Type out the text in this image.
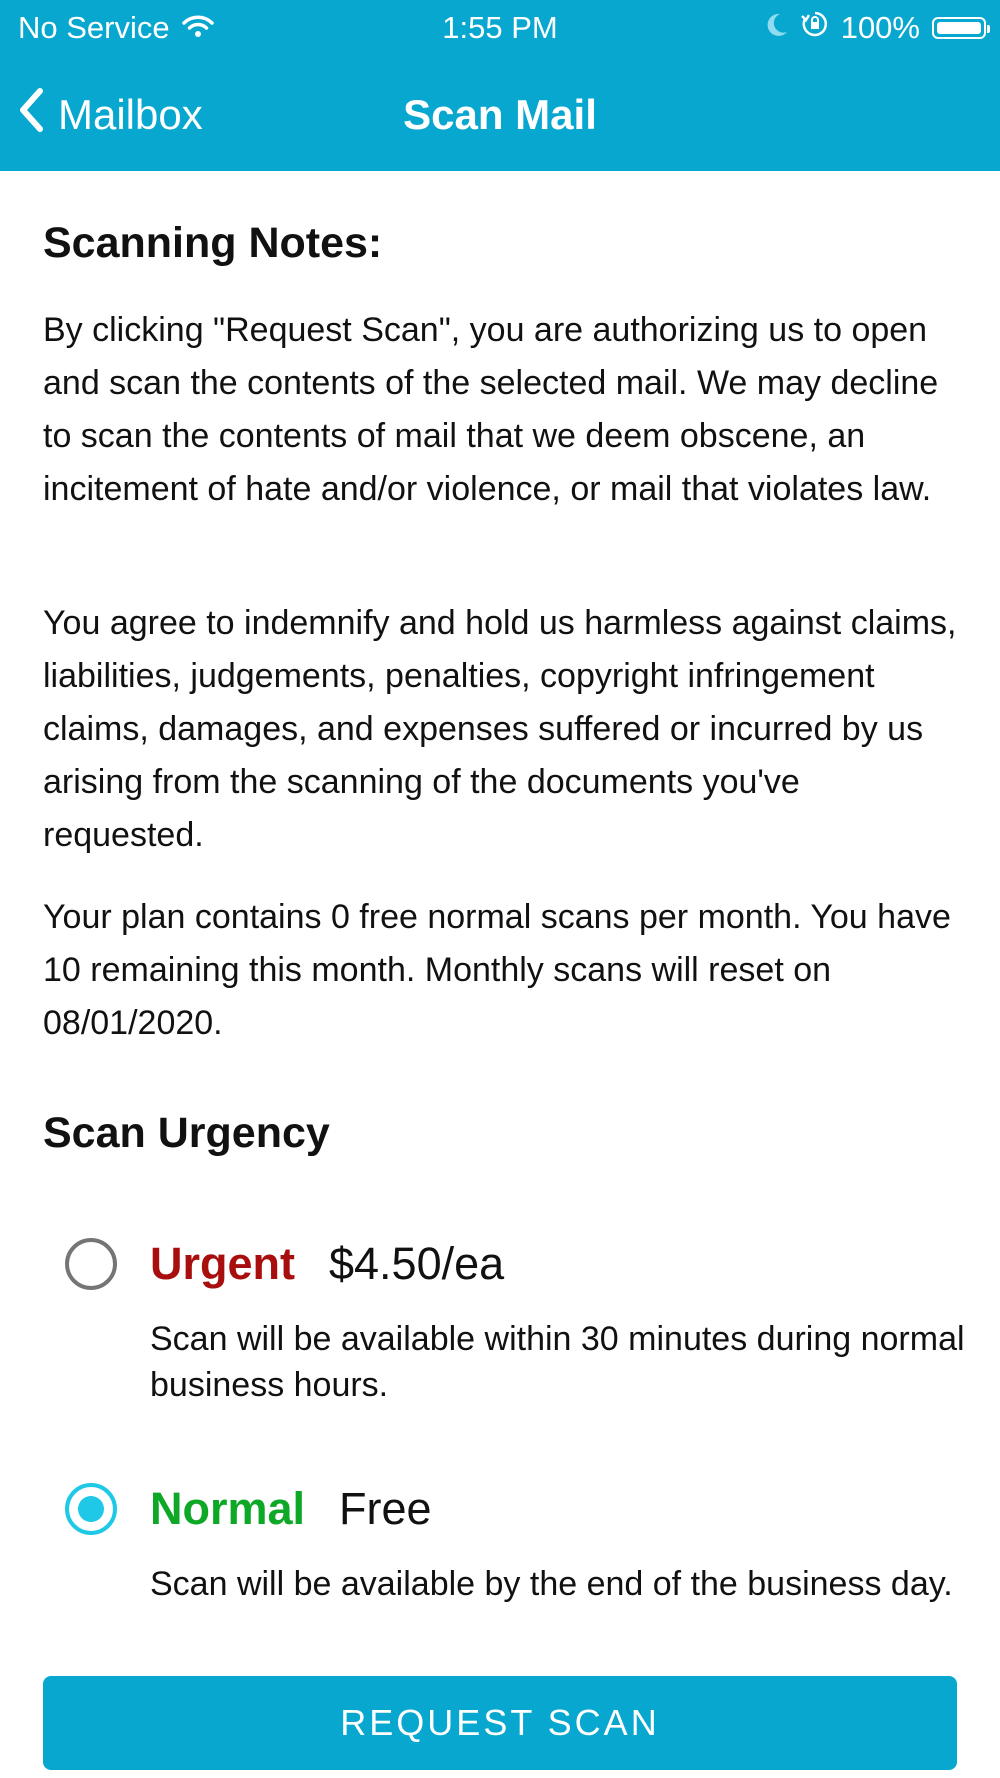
No Service	1:55 PM	100%
Mailbox	Scan Mail
Scanning Notes:

By clicking "Request Scan", you are authorizing us to open and scan the contents of the selected mail. We may decline to scan the contents of mail that we deem obscene, an incitement of hate and/or violence, or mail that violates law.

You agree to indemnify and hold us harmless against claims, liabilities, judgements, penalties, copyright infringement claims, damages, and expenses suffered or incurred by us arising from the scanning of the documents you've requested.

Your plan contains 0 free normal scans per month. You have 10 remaining this month. Monthly scans will reset on 08/01/2020.

Scan Urgency
Urgent $4.50/ea

Scan will be available within 30 minutes during normal business hours.

Normal Free

Scan will be available by the end of the business day.

REQUEST SCAN
